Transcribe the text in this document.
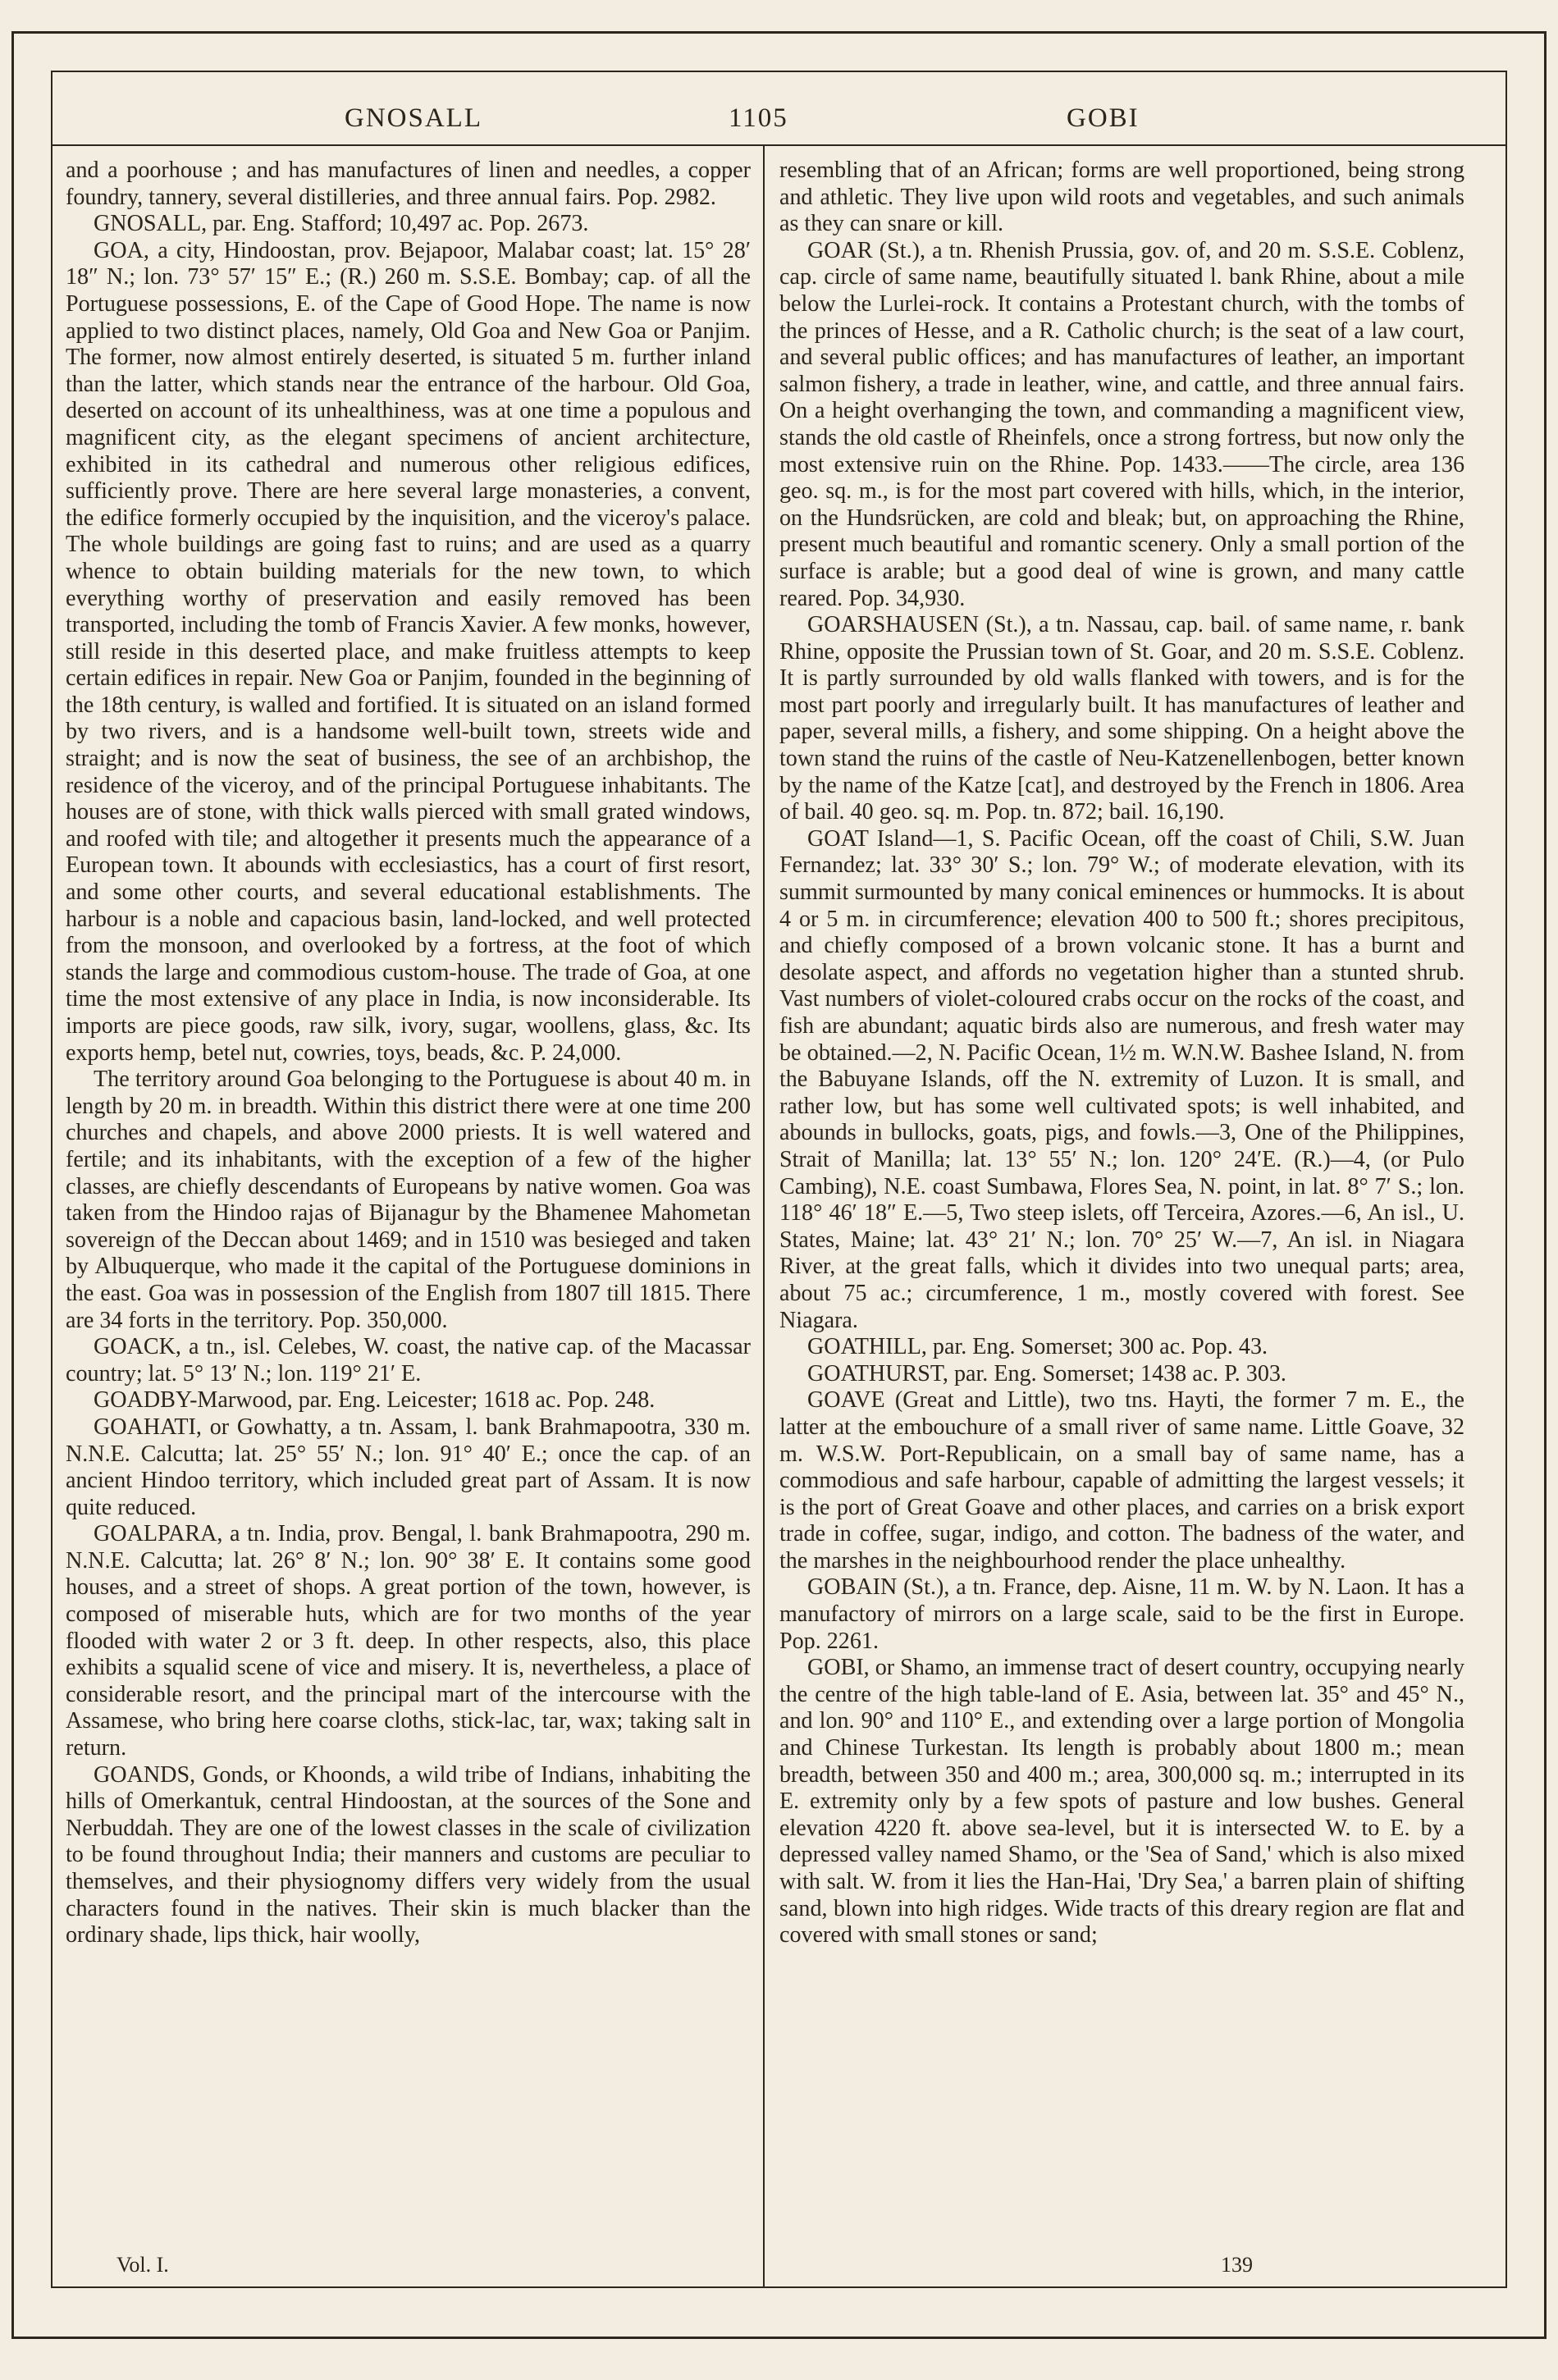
GNOSALL	1105	GOBI

and a poorhouse ; and has manufactures of linen and needles, a copper foundry, tannery, several distilleries, and three annual fairs. Pop. 2982.

GNOSALL, par. Eng. Stafford; 10,497 ac. Pop. 2673.

GOA, a city, Hindoostan, prov. Bejapoor, Malabar coast; lat. 15° 28′ 18″ N.; lon. 73° 57′ 15″ E.; (R.) 260 m. S.S.E. Bombay; cap. of all the Portuguese possessions, E. of the Cape of Good Hope. The name is now applied to two distinct places, namely, Old Goa and New Goa or Panjim. The former, now almost entirely deserted, is situated 5 m. further inland than the latter, which stands near the entrance of the harbour. Old Goa, deserted on account of its unhealthiness, was at one time a populous and magnificent city, as the elegant specimens of ancient architecture, exhibited in its cathedral and numerous other religious edifices, sufficiently prove. There are here several large monasteries, a convent, the edifice formerly occupied by the inquisition, and the viceroy's palace. The whole buildings are going fast to ruins; and are used as a quarry whence to obtain building materials for the new town, to which everything worthy of preservation and easily removed has been transported, including the tomb of Francis Xavier. A few monks, however, still reside in this deserted place, and make fruitless attempts to keep certain edifices in repair. New Goa or Panjim, founded in the beginning of the 18th century, is walled and fortified. It is situated on an island formed by two rivers, and is a handsome well-built town, streets wide and straight; and is now the seat of business, the see of an archbishop, the residence of the viceroy, and of the principal Portuguese inhabitants. The houses are of stone, with thick walls pierced with small grated windows, and roofed with tile; and altogether it presents much the appearance of a European town. It abounds with ecclesiastics, has a court of first resort, and some other courts, and several educational establishments. The harbour is a noble and capacious basin, land-locked, and well protected from the monsoon, and overlooked by a fortress, at the foot of which stands the large and commodious custom-house. The trade of Goa, at one time the most extensive of any place in India, is now inconsiderable. Its imports are piece goods, raw silk, ivory, sugar, woollens, glass, &c. Its exports hemp, betel nut, cowries, toys, beads, &c. P. 24,000.

The territory around Goa belonging to the Portuguese is about 40 m. in length by 20 m. in breadth. Within this district there were at one time 200 churches and chapels, and above 2000 priests. It is well watered and fertile; and its inhabitants, with the exception of a few of the higher classes, are chiefly descendants of Europeans by native women. Goa was taken from the Hindoo rajas of Bijanagur by the Bhamenee Mahometan sovereign of the Deccan about 1469; and in 1510 was besieged and taken by Albuquerque, who made it the capital of the Portuguese dominions in the east. Goa was in possession of the English from 1807 till 1815. There are 34 forts in the territory. Pop. 350,000.

GOACK, a tn., isl. Celebes, W. coast, the native cap. of the Macassar country; lat. 5° 13′ N.; lon. 119° 21′ E.

GOADBY-Marwood, par. Eng. Leicester; 1618 ac. Pop. 248.

GOAHATI, or Gowhatty, a tn. Assam, l. bank Brahmapootra, 330 m. N.N.E. Calcutta; lat. 25° 55′ N.; lon. 91° 40′ E.; once the cap. of an ancient Hindoo territory, which included great part of Assam. It is now quite reduced.

GOALPARA, a tn. India, prov. Bengal, l. bank Brahmapootra, 290 m. N.N.E. Calcutta; lat. 26° 8′ N.; lon. 90° 38′ E. It contains some good houses, and a street of shops. A great portion of the town, however, is composed of miserable huts, which are for two months of the year flooded with water 2 or 3 ft. deep. In other respects, also, this place exhibits a squalid scene of vice and misery. It is, nevertheless, a place of considerable resort, and the principal mart of the intercourse with the Assamese, who bring here coarse cloths, stick-lac, tar, wax; taking salt in return.

GOANDS, Gonds, or Khoonds, a wild tribe of Indians, inhabiting the hills of Omerkantuk, central Hindoostan, at the sources of the Sone and Nerbuddah. They are one of the lowest classes in the scale of civilization to be found throughout India; their manners and customs are peculiar to themselves, and their physiognomy differs very widely from the usual characters found in the natives. Their skin is much blacker than the ordinary shade, lips thick, hair woolly,

resembling that of an African; forms are well proportioned, being strong and athletic. They live upon wild roots and vegetables, and such animals as they can snare or kill.

GOAR (St.), a tn. Rhenish Prussia, gov. of, and 20 m. S.S.E. Coblenz, cap. circle of same name, beautifully situated l. bank Rhine, about a mile below the Lurlei-rock. It contains a Protestant church, with the tombs of the princes of Hesse, and a R. Catholic church; is the seat of a law court, and several public offices; and has manufactures of leather, an important salmon fishery, a trade in leather, wine, and cattle, and three annual fairs. On a height overhanging the town, and commanding a magnificent view, stands the old castle of Rheinfels, once a strong fortress, but now only the most extensive ruin on the Rhine. Pop. 1433.——The circle, area 136 geo. sq. m., is for the most part covered with hills, which, in the interior, on the Hundsrücken, are cold and bleak; but, on approaching the Rhine, present much beautiful and romantic scenery. Only a small portion of the surface is arable; but a good deal of wine is grown, and many cattle reared. Pop. 34,930.

GOARSHAUSEN (St.), a tn. Nassau, cap. bail. of same name, r. bank Rhine, opposite the Prussian town of St. Goar, and 20 m. S.S.E. Coblenz. It is partly surrounded by old walls flanked with towers, and is for the most part poorly and irregularly built. It has manufactures of leather and paper, several mills, a fishery, and some shipping. On a height above the town stand the ruins of the castle of Neu-Katzenellenbogen, better known by the name of the Katze [cat], and destroyed by the French in 1806. Area of bail. 40 geo. sq. m. Pop. tn. 872; bail. 16,190.

GOAT Island—1, S. Pacific Ocean, off the coast of Chili, S.W. Juan Fernandez; lat. 33° 30′ S.; lon. 79° W.; of moderate elevation, with its summit surmounted by many conical eminences or hummocks. It is about 4 or 5 m. in circumference; elevation 400 to 500 ft.; shores precipitous, and chiefly composed of a brown volcanic stone. It has a burnt and desolate aspect, and affords no vegetation higher than a stunted shrub. Vast numbers of violet-coloured crabs occur on the rocks of the coast, and fish are abundant; aquatic birds also are numerous, and fresh water may be obtained.—2, N. Pacific Ocean, 1½ m. W.N.W. Bashee Island, N. from the Babuyane Islands, off the N. extremity of Luzon. It is small, and rather low, but has some well cultivated spots; is well inhabited, and abounds in bullocks, goats, pigs, and fowls.—3, One of the Philippines, Strait of Manilla; lat. 13° 55′ N.; lon. 120° 24′E. (R.)—4, (or Pulo Cambing), N.E. coast Sumbawa, Flores Sea, N. point, in lat. 8° 7′ S.; lon. 118° 46′ 18″ E.—5, Two steep islets, off Terceira, Azores.—6, An isl., U. States, Maine; lat. 43° 21′ N.; lon. 70° 25′ W.—7, An isl. in Niagara River, at the great falls, which it divides into two unequal parts; area, about 75 ac.; circumference, 1 m., mostly covered with forest. See Niagara.

GOATHILL, par. Eng. Somerset; 300 ac. Pop. 43.

GOATHURST, par. Eng. Somerset; 1438 ac. P. 303.

GOAVE (Great and Little), two tns. Hayti, the former 7 m. E., the latter at the embouchure of a small river of same name. Little Goave, 32 m. W.S.W. Port-Republicain, on a small bay of same name, has a commodious and safe harbour, capable of admitting the largest vessels; it is the port of Great Goave and other places, and carries on a brisk export trade in coffee, sugar, indigo, and cotton. The badness of the water, and the marshes in the neighbourhood render the place unhealthy.

GOBAIN (St.), a tn. France, dep. Aisne, 11 m. W. by N. Laon. It has a manufactory of mirrors on a large scale, said to be the first in Europe. Pop. 2261.

GOBI, or Shamo, an immense tract of desert country, occupying nearly the centre of the high table-land of E. Asia, between lat. 35° and 45° N., and lon. 90° and 110° E., and extending over a large portion of Mongolia and Chinese Turkestan. Its length is probably about 1800 m.; mean breadth, between 350 and 400 m.; area, 300,000 sq. m.; interrupted in its E. extremity only by a few spots of pasture and low bushes. General elevation 4220 ft. above sea-level, but it is intersected W. to E. by a depressed valley named Shamo, or the 'Sea of Sand,' which is also mixed with salt. W. from it lies the Han-Hai, 'Dry Sea,' a barren plain of shifting sand, blown into high ridges. Wide tracts of this dreary region are flat and covered with small stones or sand;

Vol. I.	139
